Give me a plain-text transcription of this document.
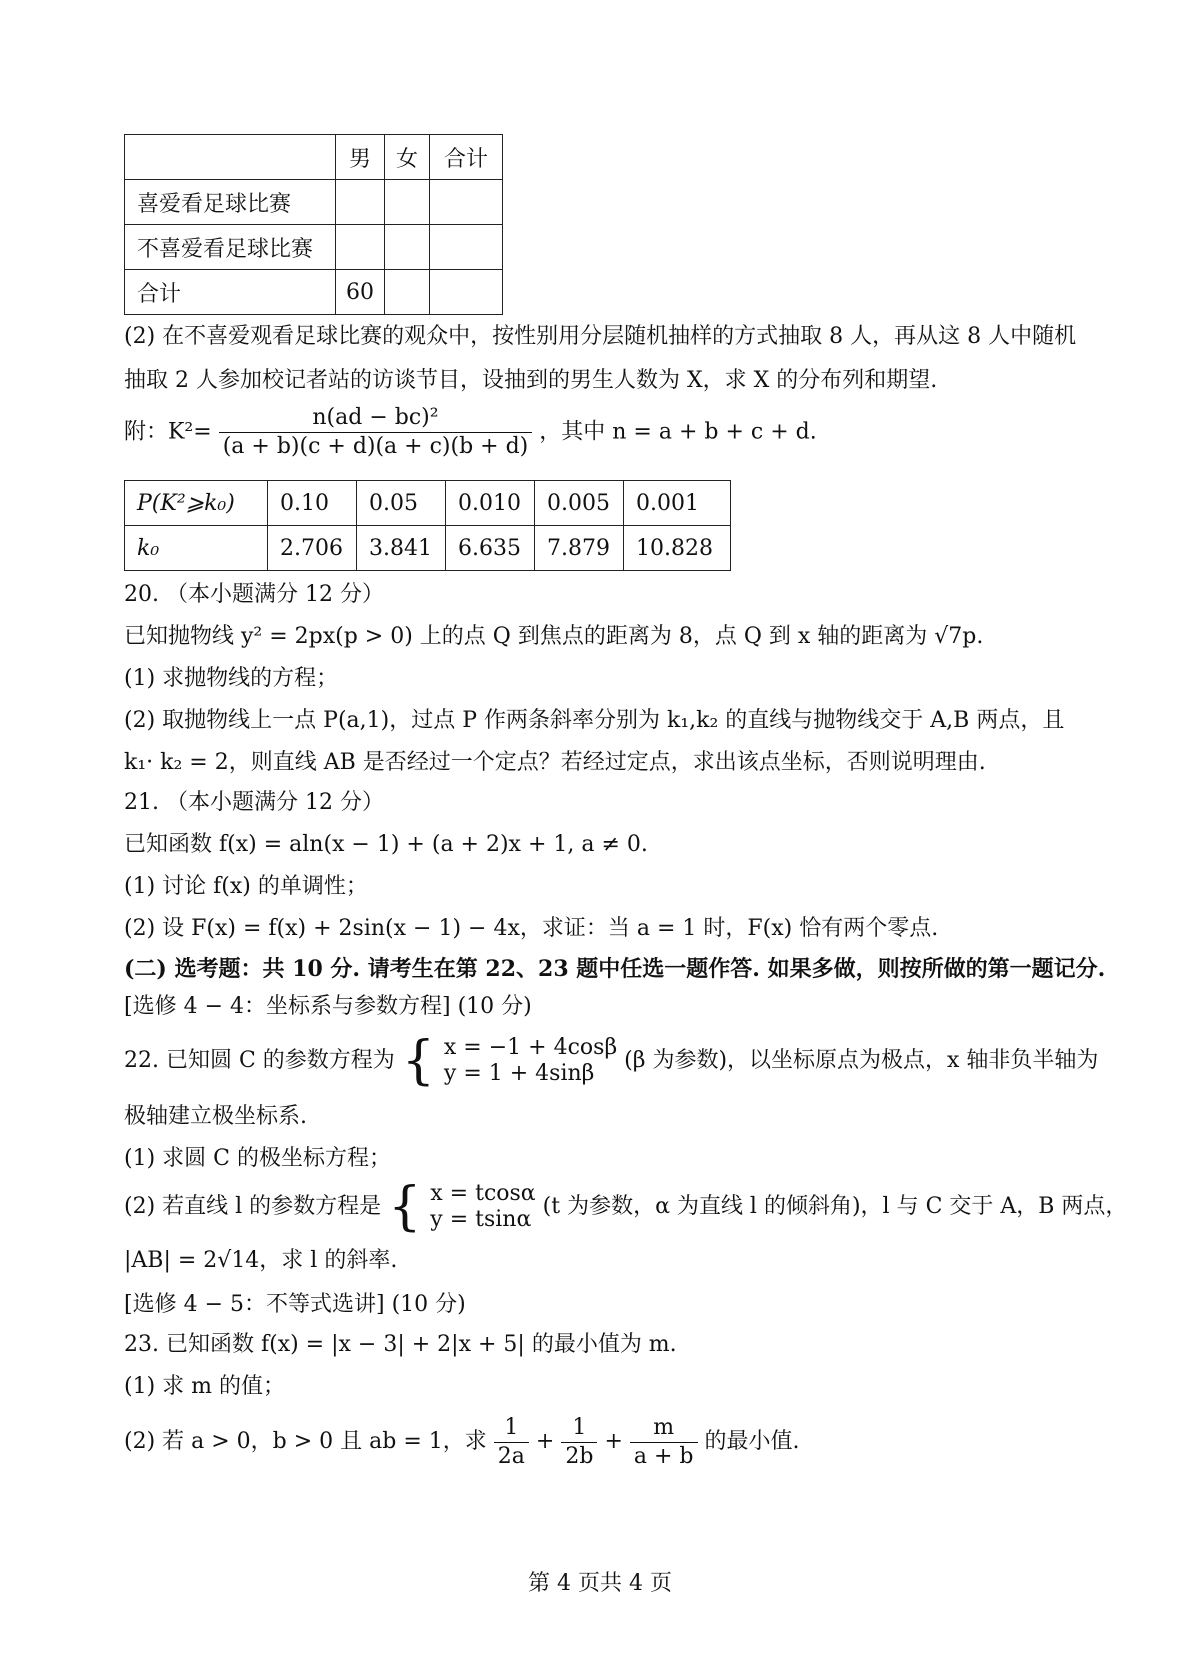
	男	女	合计
喜爱看足球比赛			
不喜爱看足球比赛			
合计	60		
(2) 在不喜爱观看足球比赛的观众中，按性别用分层随机抽样的方式抽取 8 人，再从这 8 人中随机
抽取 2 人参加校记者站的访谈节目，设抽到的男生人数为 X，求 X 的分布列和期望.
附：$K^2= \frac{\text{n(ad − bc)²}}{(a + b)(c + d)(a + c)(b + d)}$ ，其中 n = a + b + c + d.
P(K²⩾k₀)	0.10	0.05	0.010	0.005	0.001
k₀	2.706	3.841	6.635	7.879	10.828
20. （本小题满分 12 分）
已知抛物线 y² = 2px(p > 0) 上的点 Q 到焦点的距离为 8，点 Q 到 x 轴的距离为 √7p.
(1) 求抛物线的方程；
(2) 取抛物线上一点 P(a,1)，过点 P 作两条斜率分别为 k₁,k₂ 的直线与抛物线交于 A,B 两点，且
k₁· k₂ = 2，则直线 AB 是否经过一个定点？若经过定点，求出该点坐标，否则说明理由.
21. （本小题满分 12 分）
已知函数 f(x) = aln(x − 1) + (a + 2)x + 1, a ≠ 0.
(1) 讨论 f(x) 的单调性；
(2) 设 F(x) = f(x) + 2sin(x − 1) − 4x，求证：当 a = 1 时，F(x) 恰有两个零点.
(二) 选考题：共 10 分. 请考生在第 22、23 题中任选一题作答. 如果多做，则按所做的第一题记分.
[选修 4 − 4：坐标系与参数方程] (10 分)
22. 已知圆 C 的参数方程为 { x = −1 + 4cosβ
y = 1 + 4sinβ
(β 为参数)，以坐标原点为极点，x 轴非负半轴为
极轴建立极坐标系.
(1) 求圆 C 的极坐标方程；
(2) 若直线 l 的参数方程是 { x = tcosα
y = tsinα
(t 为参数，α 为直线 l 的倾斜角)，l 与 C 交于 A，B 两点，
|AB| = 2√14，求 l 的斜率.
[选修 4 − 5：不等式选讲] (10 分)
23. 已知函数 f(x) = |x − 3| + 2|x + 5| 的最小值为 m.
(1) 求 m 的值；
(2) 若 a > 0，b > 0 且 ab = 1，求 $\frac{1}{2a} + \frac{1}{2b} + \frac{m}{a + b}$ 的最小值.
第 4 页共 4 页
